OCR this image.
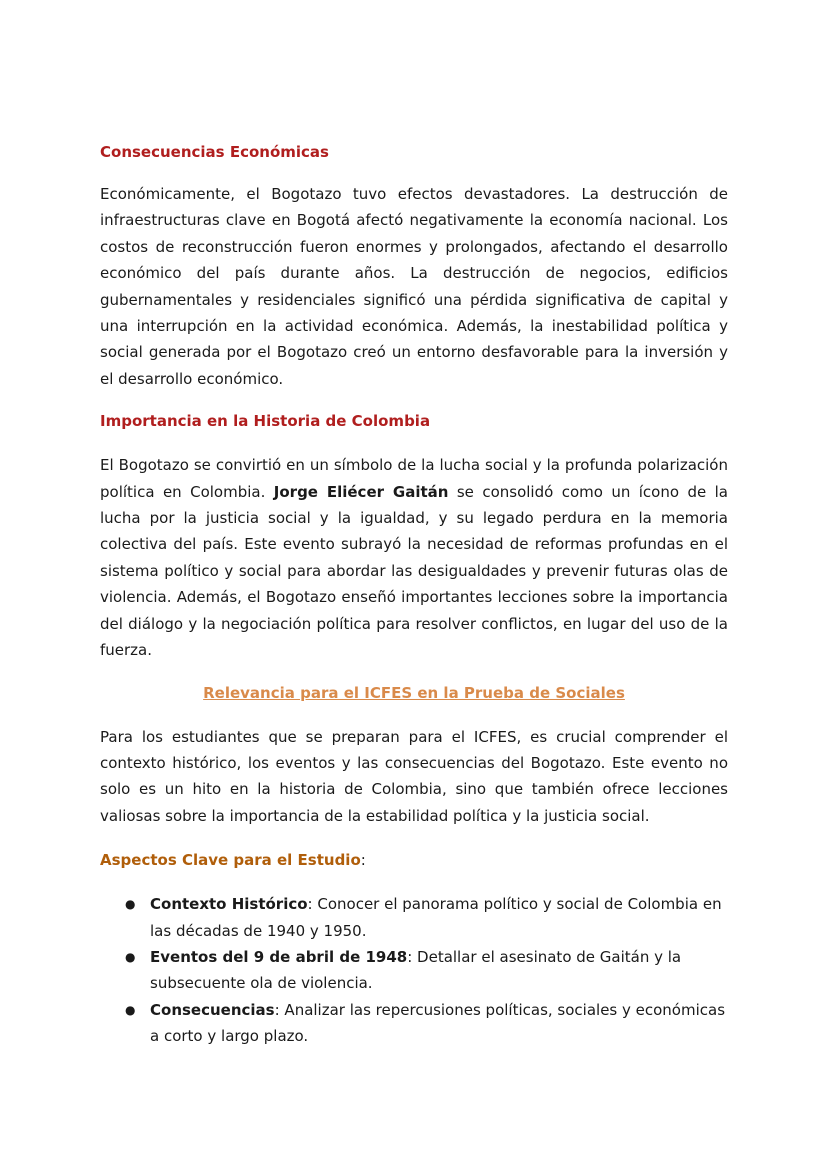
Consecuencias Económicas

Económicamente, el Bogotazo tuvo efectos devastadores. La destrucción de infraestructuras clave en Bogotá afectó negativamente la economía nacional. Los costos de reconstrucción fueron enormes y prolongados, afectando el desarrollo económico del país durante años. La destrucción de negocios, edificios gubernamentales y residenciales significó una pérdida significativa de capital y una interrupción en la actividad económica. Además, la inestabilidad política y social generada por el Bogotazo creó un entorno desfavorable para la inversión y el desarrollo económico.

Importancia en la Historia de Colombia

El Bogotazo se convirtió en un símbolo de la lucha social y la profunda polarización política en Colombia. Jorge Eliécer Gaitán se consolidó como un ícono de la lucha por la justicia social y la igualdad, y su legado perdura en la memoria colectiva del país. Este evento subrayó la necesidad de reformas profundas en el sistema político y social para abordar las desigualdades y prevenir futuras olas de violencia. Además, el Bogotazo enseñó importantes lecciones sobre la importancia del diálogo y la negociación política para resolver conflictos, en lugar del uso de la fuerza.

Relevancia para el ICFES en la Prueba de Sociales

Para los estudiantes que se preparan para el ICFES, es crucial comprender el contexto histórico, los eventos y las consecuencias del Bogotazo. Este evento no solo es un hito en la historia de Colombia, sino que también ofrece lecciones valiosas sobre la importancia de la estabilidad política y la justicia social.

Aspectos Clave para el Estudio:
● Contexto Histórico: Conocer el panorama político y social de Colombia en las décadas de 1940 y 1950.
● Eventos del 9 de abril de 1948: Detallar el asesinato de Gaitán y la subsecuente ola de violencia.
● Consecuencias: Analizar las repercusiones políticas, sociales y económicas a corto y largo plazo.
